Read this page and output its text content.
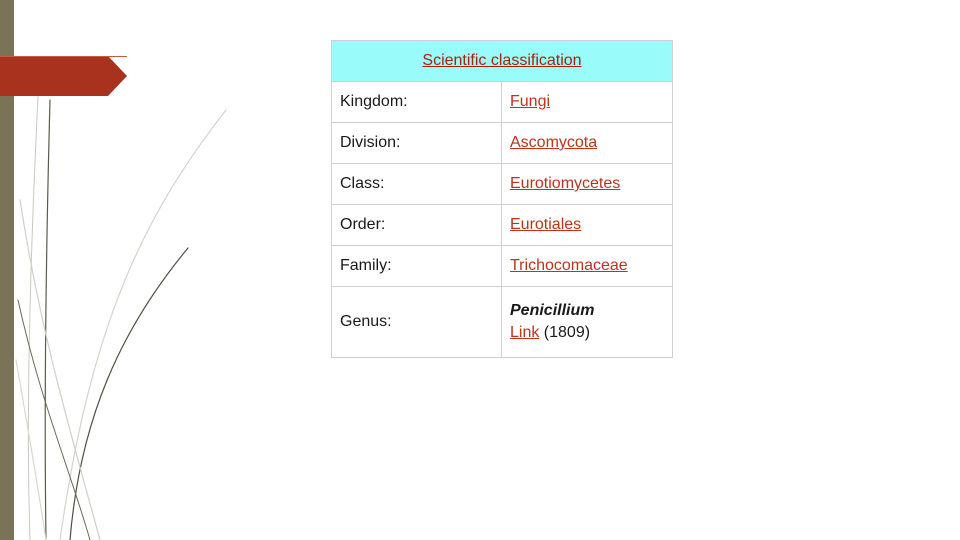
Scientific classification	
Kingdom:	Fungi
Division:	Ascomycota
Class:	Eurotiomycetes
Order:	Eurotiales
Family:	Trichocomaceae
Genus:	Penicillium
Link (1809)
